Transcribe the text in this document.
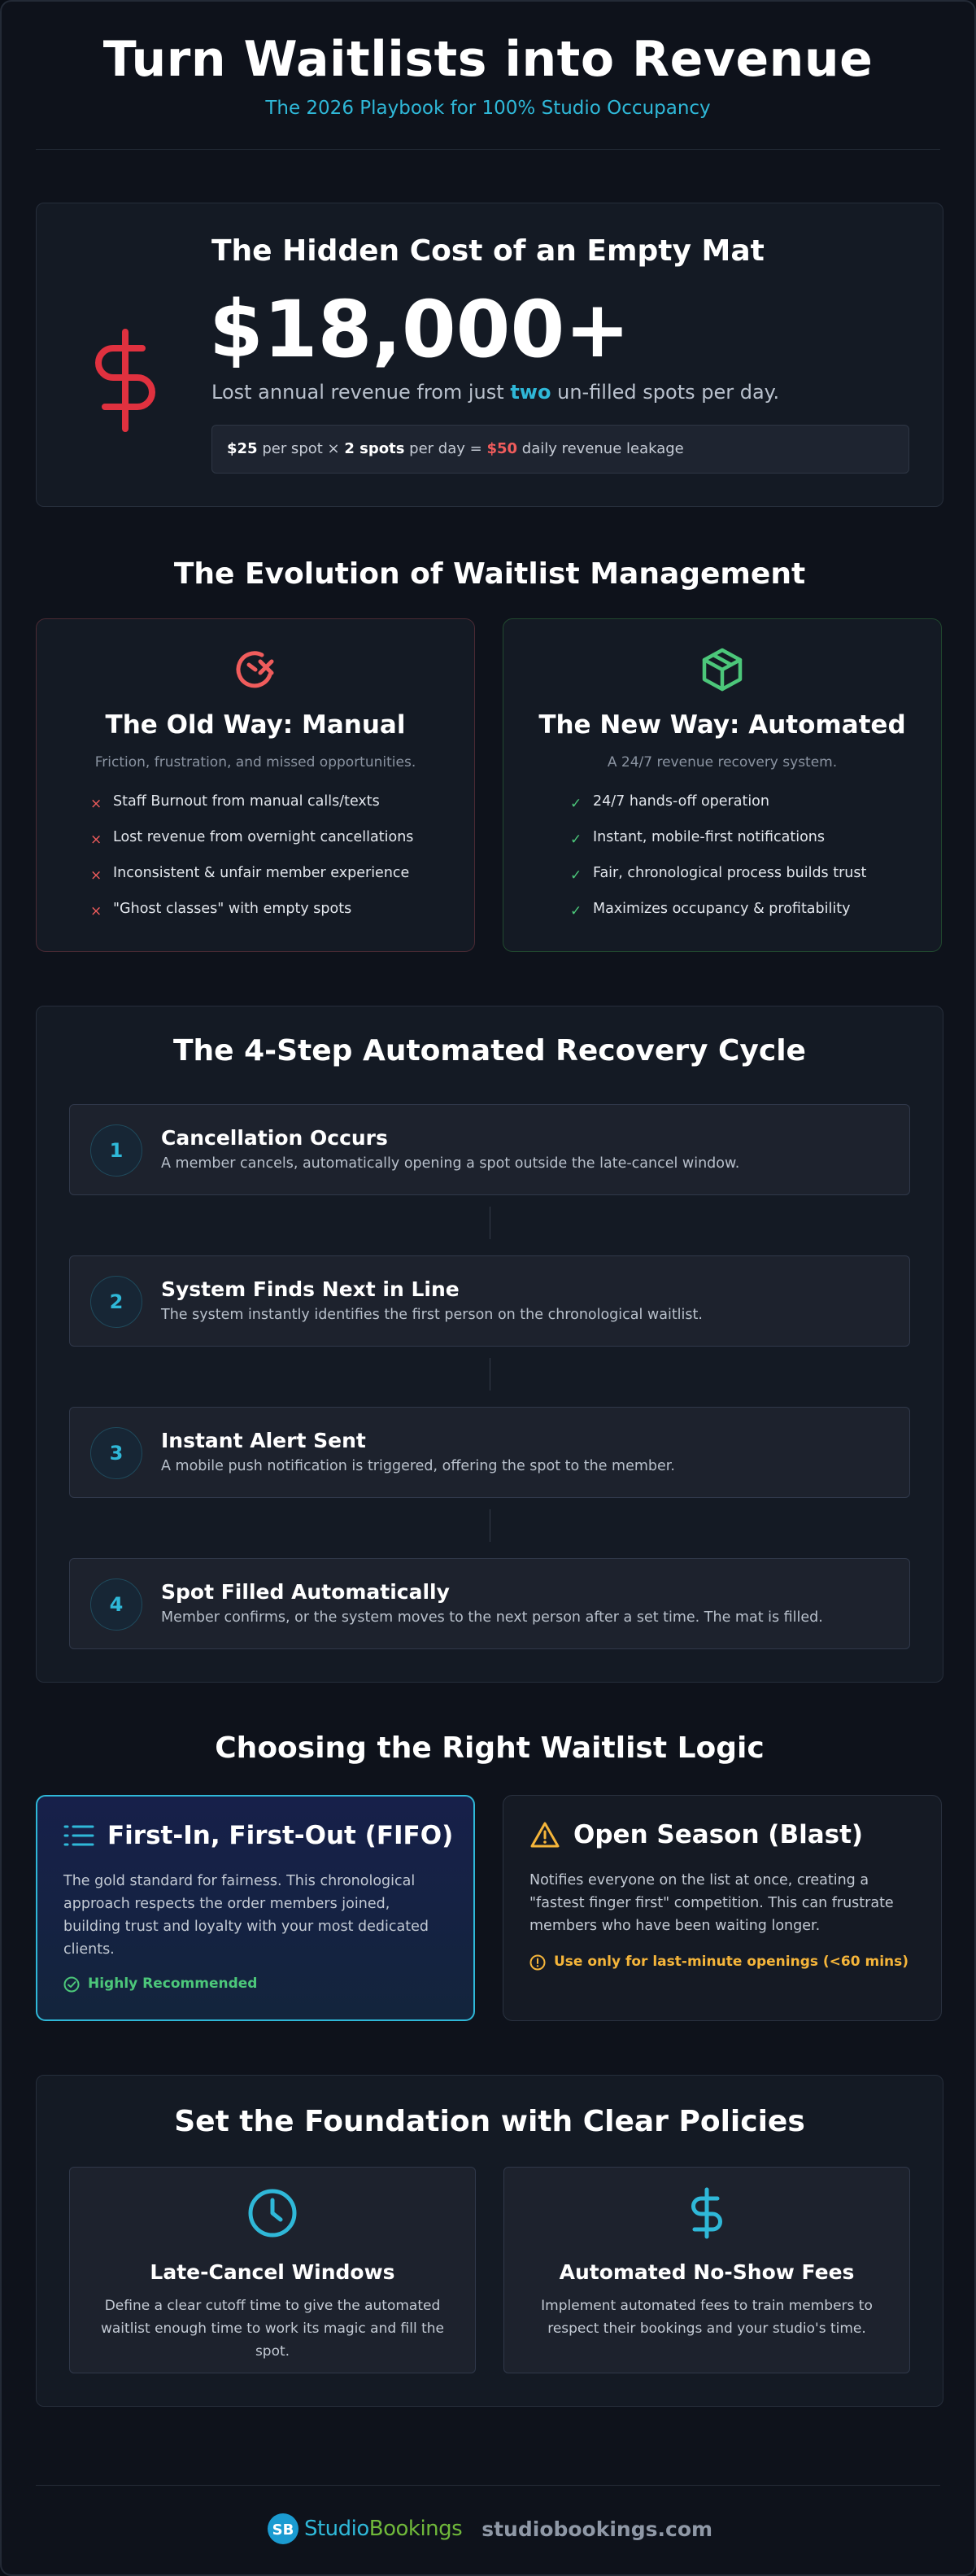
Turn Waitlists into Revenue
The 2026 Playbook for 100% Studio Occupancy
The Hidden Cost of an Empty Mat
$18,000+
Lost annual revenue from just two un-filled spots per day.
$25 per spot × 2 spots per day = $50 daily revenue leakage
The Evolution of Waitlist Management
The Old Way: Manual
Friction, frustration, and missed opportunities.
× Staff Burnout from manual calls/texts
× Lost revenue from overnight cancellations
× Inconsistent & unfair member experience
× "Ghost classes" with empty spots
The New Way: Automated
A 24/7 revenue recovery system.
✓ 24/7 hands-off operation
✓ Instant, mobile-first notifications
✓ Fair, chronological process builds trust
✓ Maximizes occupancy & profitability
The 4-Step Automated Recovery Cycle
1
Cancellation Occurs
A member cancels, automatically opening a spot outside the late-cancel window.
2
System Finds Next in Line
The system instantly identifies the first person on the chronological waitlist.
3
Instant Alert Sent
A mobile push notification is triggered, offering the spot to the member.
4
Spot Filled Automatically
Member confirms, or the system moves to the next person after a set time. The mat is filled.
Choosing the Right Waitlist Logic
First-In, First-Out (FIFO)
The gold standard for fairness. This chronological approach respects the order members joined, building trust and loyalty with your most dedicated clients.
Highly Recommended
Open Season (Blast)
Notifies everyone on the list at once, creating a "fastest finger first" competition. This can frustrate members who have been waiting longer.
Use only for last-minute openings (<60 mins)
Set the Foundation with Clear Policies
Late-Cancel Windows

Define a clear cutoff time to give the automated waitlist enough time to work its magic and fill the spot.

Automated No-Show Fees

Implement automated fees to train members to respect their bookings and your studio's time.

SB StudioBookings studiobookings.com
